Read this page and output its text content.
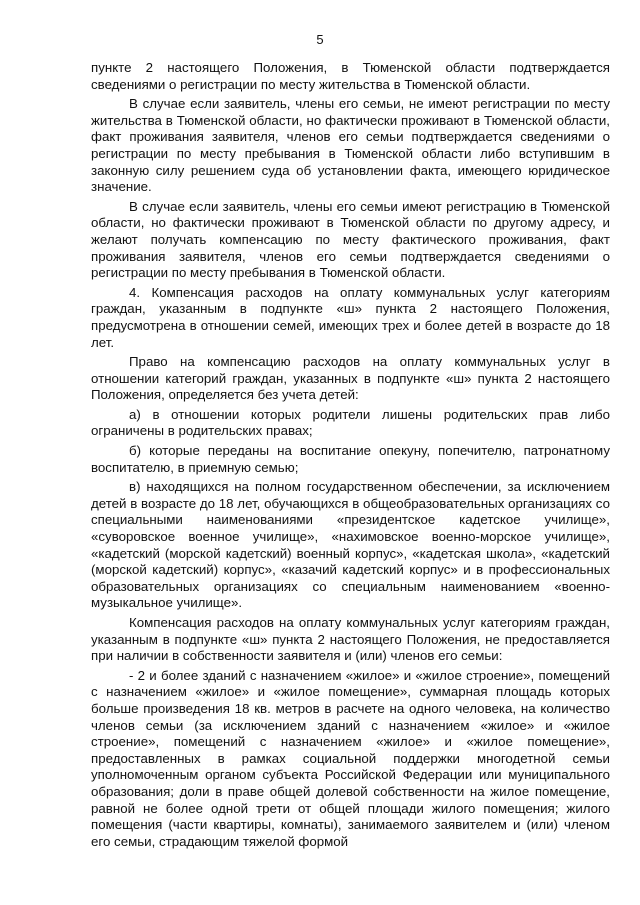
5

пункте 2 настоящего Положения, в Тюменской области подтверждается сведениями о регистрации по месту жительства в Тюменской области.

В случае если заявитель, члены его семьи, не имеют регистрации по месту жительства в Тюменской области, но фактически проживают в Тюменской области, факт проживания заявителя, членов его семьи подтверждается сведениями о регистрации по месту пребывания в Тюменской области либо вступившим в законную силу решением суда об установлении факта, имеющего юридическое значение.

В случае если заявитель, члены его семьи имеют регистрацию в Тюменской области, но фактически проживают в Тюменской области по другому адресу, и желают получать компенсацию по месту фактического проживания, факт проживания заявителя, членов его семьи подтверждается сведениями о регистрации по месту пребывания в Тюменской области.

4. Компенсация расходов на оплату коммунальных услуг категориям граждан, указанным в подпункте «ш» пункта 2 настоящего Положения, предусмотрена в отношении семей, имеющих трех и более детей в возрасте до 18 лет.

Право на компенсацию расходов на оплату коммунальных услуг в отношении категорий граждан, указанных в подпункте «ш» пункта 2 настоящего Положения, определяется без учета детей:

а) в отношении которых родители лишены родительских прав либо ограничены в родительских правах;

б) которые переданы на воспитание опекуну, попечителю, патронатному воспитателю, в приемную семью;

в) находящихся на полном государственном обеспечении, за исключением детей в возрасте до 18 лет, обучающихся в общеобразовательных организациях со специальными наименованиями «президентское кадетское училище», «суворовское военное училище», «нахимовское военно-морское училище», «кадетский (морской кадетский) военный корпус», «кадетская школа», «кадетский (морской кадетский) корпус», «казачий кадетский корпус» и в профессиональных образовательных организациях со специальным наименованием «военно-музыкальное училище».

Компенсация расходов на оплату коммунальных услуг категориям граждан, указанным в подпункте «ш» пункта 2 настоящего Положения, не предоставляется при наличии в собственности заявителя и (или) членов его семьи:

- 2 и более зданий с назначением «жилое» и «жилое строение», помещений с назначением «жилое» и «жилое помещение», суммарная площадь которых больше произведения 18 кв. метров в расчете на одного человека, на количество членов семьи (за исключением зданий с назначением «жилое» и «жилое строение», помещений с назначением «жилое» и «жилое помещение», предоставленных в рамках социальной поддержки многодетной семьи уполномоченным органом субъекта Российской Федерации или муниципального образования; доли в праве общей долевой собственности на жилое помещение, равной не более одной трети от общей площади жилого помещения; жилого помещения (части квартиры, комнаты), занимаемого заявителем и (или) членом его семьи, страдающим тяжелой формой
